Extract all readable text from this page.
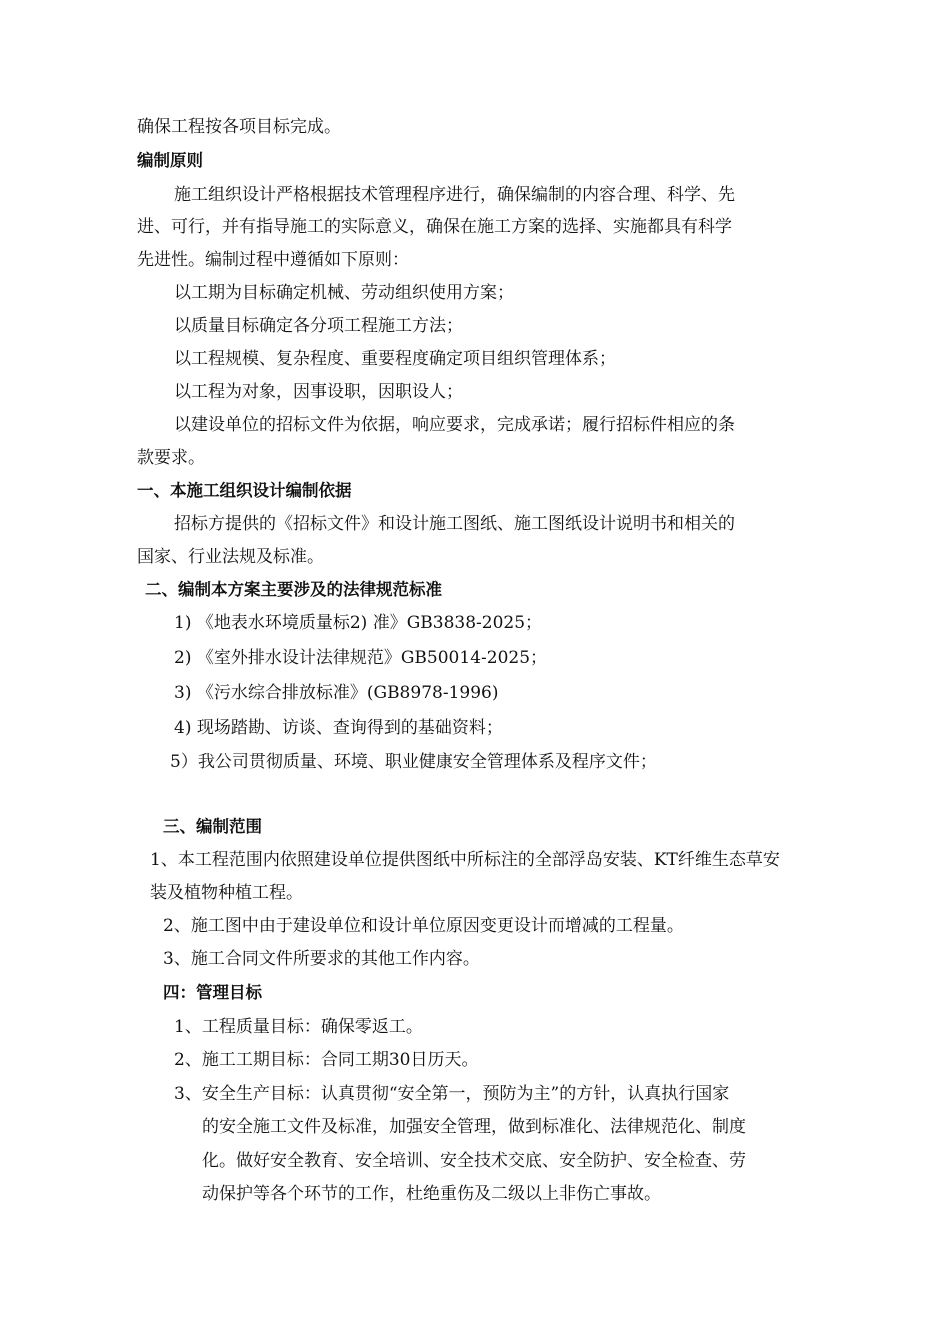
确保工程按各项目标完成。
编制原则
施工组织设计严格根据技术管理程序进行，确保编制的内容合理、科学、先
进、可行，并有指导施工的实际意义，确保在施工方案的选择、实施都具有科学
先进性。编制过程中遵循如下原则：
以工期为目标确定机械、劳动组织使用方案；
以质量目标确定各分项工程施工方法；
以工程规模、复杂程度、重要程度确定项目组织管理体系；
以工程为对象，因事设职，因职设人；
以建设单位的招标文件为依据，响应要求，完成承诺；履行招标件相应的条
款要求。
一、本施工组织设计编制依据
招标方提供的《招标文件》和设计施工图纸、施工图纸设计说明书和相关的
国家、行业法规及标准。
二、编制本方案主要涉及的法律规范标准
1) 《地表水环境质量标2) 准》GB3838-2025；
2) 《室外排水设计法律规范》GB50014-2025；
3) 《污水综合排放标准》(GB8978-1996)
4) 现场踏勘、访谈、查询得到的基础资料；
5）我公司贯彻质量、环境、职业健康安全管理体系及程序文件；
三、编制范围
1、本工程范围内依照建设单位提供图纸中所标注的全部浮岛安装、KT纤维生态草安
装及植物种植工程。
2、施工图中由于建设单位和设计单位原因变更设计而增减的工程量。
3、施工合同文件所要求的其他工作内容。
四：管理目标
1、工程质量目标：确保零返工。
2、施工工期目标：合同工期30日历天。
3、安全生产目标：认真贯彻“安全第一，预防为主”的方针，认真执行国家
的安全施工文件及标准，加强安全管理，做到标准化、法律规范化、制度
化。做好安全教育、安全培训、安全技术交底、安全防护、安全检查、劳
动保护等各个环节的工作，杜绝重伤及二级以上非伤亡事故。
